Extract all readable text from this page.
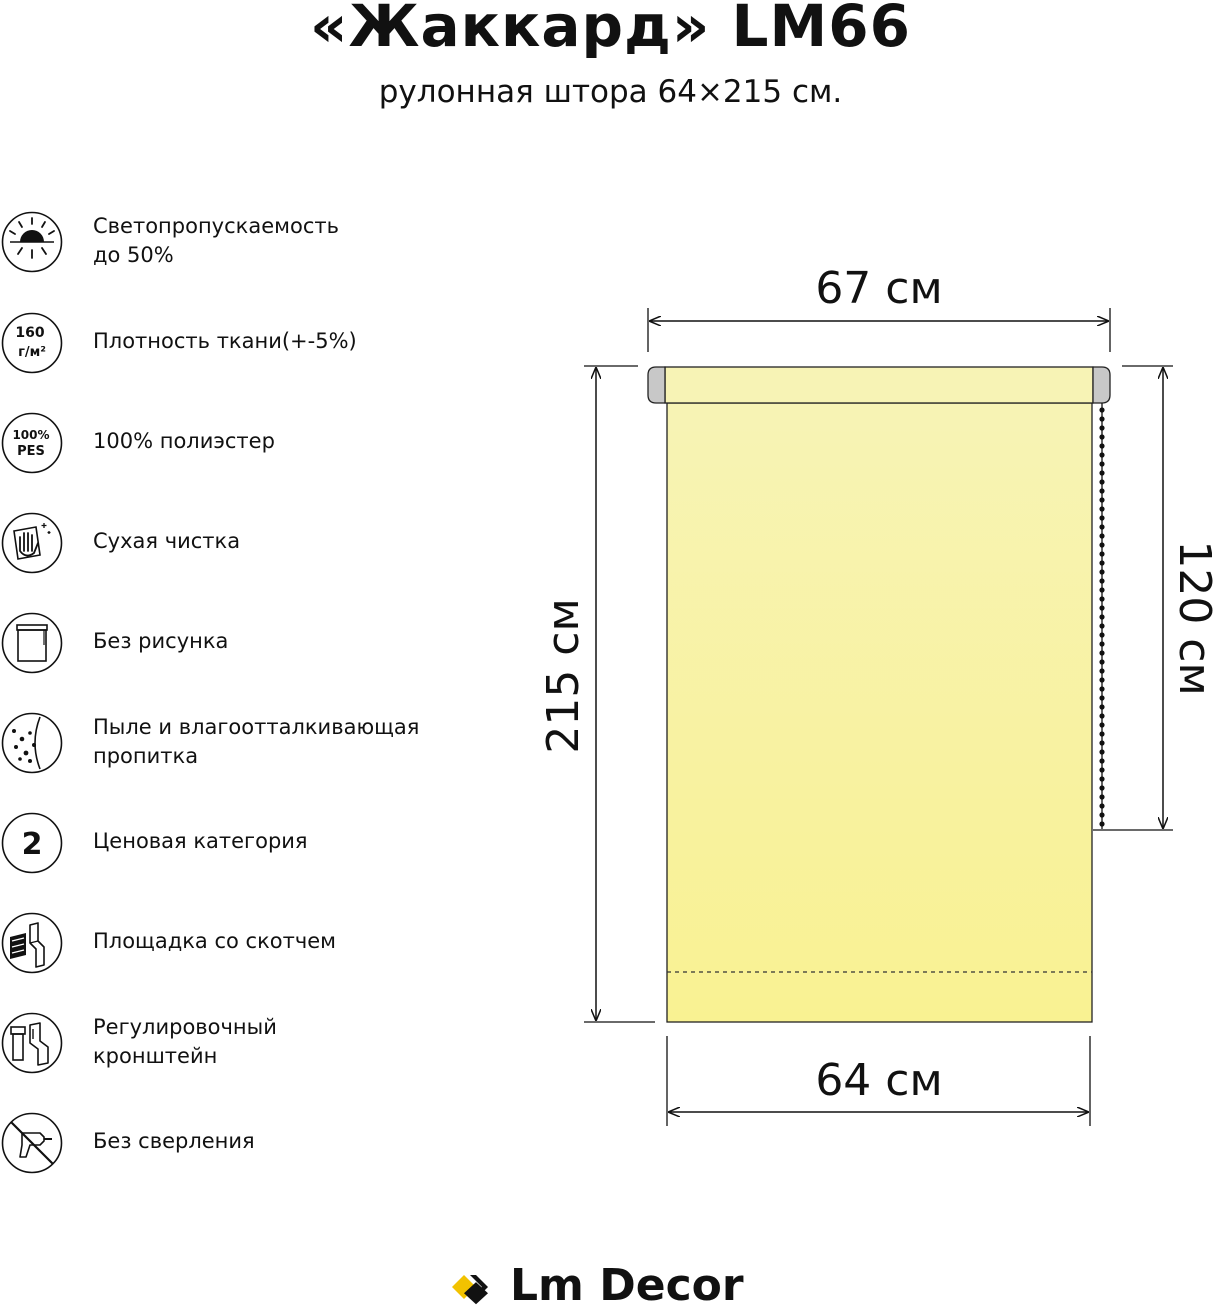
«Жаккард» LM66
рулонная штора 64×215 см.
Светопропускаемость
до 50%
160
г/м² Плотность ткани(+-5%)
100%
PES 100% полиэстер
Сухая чистка
Без рисунка
Пыле и влагоотталкивающая
пропитка
2 Ценовая категория
Площадка со скотчем
Регулировочный
кронштейн
Без сверления
67 см
64 см
215 см	120 см
Lm Decor
